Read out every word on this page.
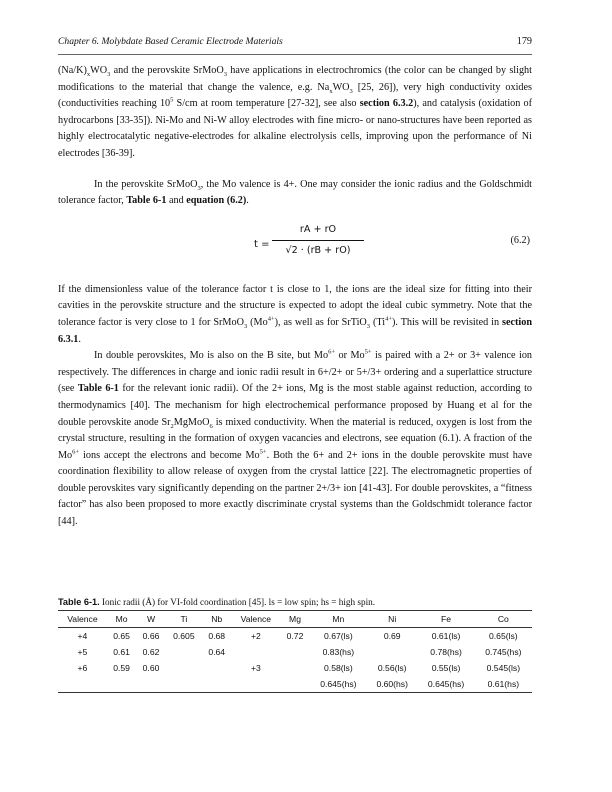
Chapter 6. Molybdate Based Ceramic Electrode Materials	179

$(Na/K)_xWO_3$ and the perovskite SrMoO$_3$ have applications in electrochromics (the color can be changed by slight modifications to the material that change the valence, e.g. $Na_xWO_3$ [25, 26]), very high conductivity oxides (conductivities reaching $10^5$ S/cm at room temperature [27-32], see also section 6.3.2), and catalysis (oxidation of hydrocarbons [33-35]). Ni-Mo and Ni-W alloy electrodes with fine micro- or nano-structures have been reported as highly electrocatalytic negative-electrodes for alkaline electrolysis cells, improving upon the performance of Ni electrodes [36-39].

In the perovskite SrMoO$_3$, the Mo valence is 4+. One may consider the ionic radius and the Goldschmidt tolerance factor, Table 6-1 and equation (6.2).

$t = \frac{rA + rO}{√2 \cdot (rB + rO)}$	(6.2)

If the dimensionless value of the tolerance factor t is close to 1, the ions are the ideal size for fitting into their cavities in the perovskite structure and the structure is expected to adopt the ideal cubic symmetry. Note that the tolerance factor is very close to 1 for SrMoO$_3$ $(Mo^{4+})$, as well as for SrTiO$_3$ $(Ti^{4+})$. This will be revisited in section 6.3.1.

In double perovskites, Mo is also on the B site, but $Mo^{6+}$ or $Mo^{5+}$ is paired with a 2+ or 3+ valence ion respectively. The differences in charge and ionic radii result in 6+/2+ or 5+/3+ ordering and a superlattice structure (see Table 6-1 for the relevant ionic radii). Of the 2+ ions, Mg is the most stable against reduction, according to thermodynamics [40]. The mechanism for high electrochemical performance proposed by Huang et al for the double perovskite anode $Sr_2MgMoO_6$ is mixed conductivity. When the material is reduced, oxygen is lost from the crystal structure, resulting in the formation of oxygen vacancies and electrons, see equation (6.1). A fraction of the $Mo^{6+}$ ions accept the electrons and become $Mo^{5+}$. Both the 6+ and 2+ ions in the double perovskite must have coordination flexibility to allow release of oxygen from the crystal lattice [22]. The electromagnetic properties of double perovskites vary significantly depending on the partner 2+/3+ ion [41-43]. For double perovskites, a “fitness factor” has also been proposed to more exactly discriminate crystal systems than the Goldschmidt tolerance factor [44].

Table 6-1. Ionic radii (Å) for VI-fold coordination [45]. ls = low spin; hs = high spin.
Valence	Mo	W	Ti	Nb	Valence	Mg	Mn	Ni	Fe	Co
+4	0.65	0.66	0.605	0.68	+2	0.72	0.67(ls)	0.69	0.61(ls)	0.65(ls)
+5	0.61	0.62		0.64			0.83(hs)		0.78(hs)	0.745(hs)
+6	0.59	0.60			+3		0.58(ls)	0.56(ls)	0.55(ls)	0.545(ls)
							0.645(hs)	0.60(hs)	0.645(hs)	0.61(hs)
